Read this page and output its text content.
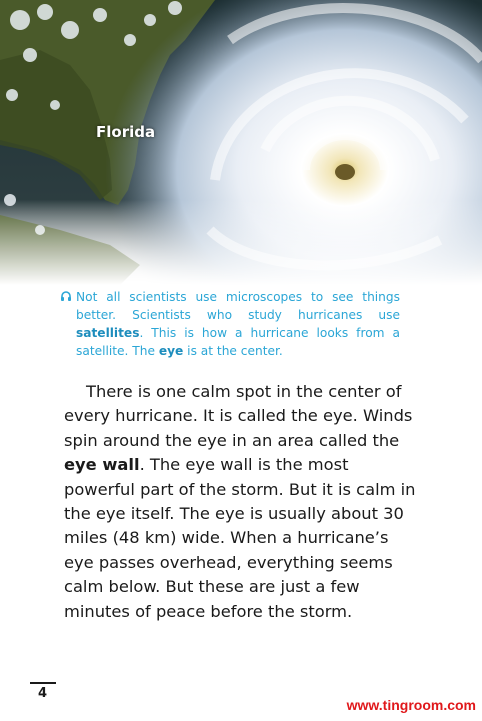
Florida

Not all scientists use microscopes to see things better. Scientists who study hurricanes use satellites. This is how a hurricane looks from a satellite. The eye is at the center.

There is one calm spot in the center of every hurricane. It is called the eye. Winds spin around the eye in an area called the eye wall. The eye wall is the most powerful part of the storm. But it is calm in the eye itself. The eye is usually about 30 miles (48 km) wide. When a hurricane’s eye passes overhead, everything seems calm below. But these are just a few minutes of peace before the storm.

4
www.tingroom.com
